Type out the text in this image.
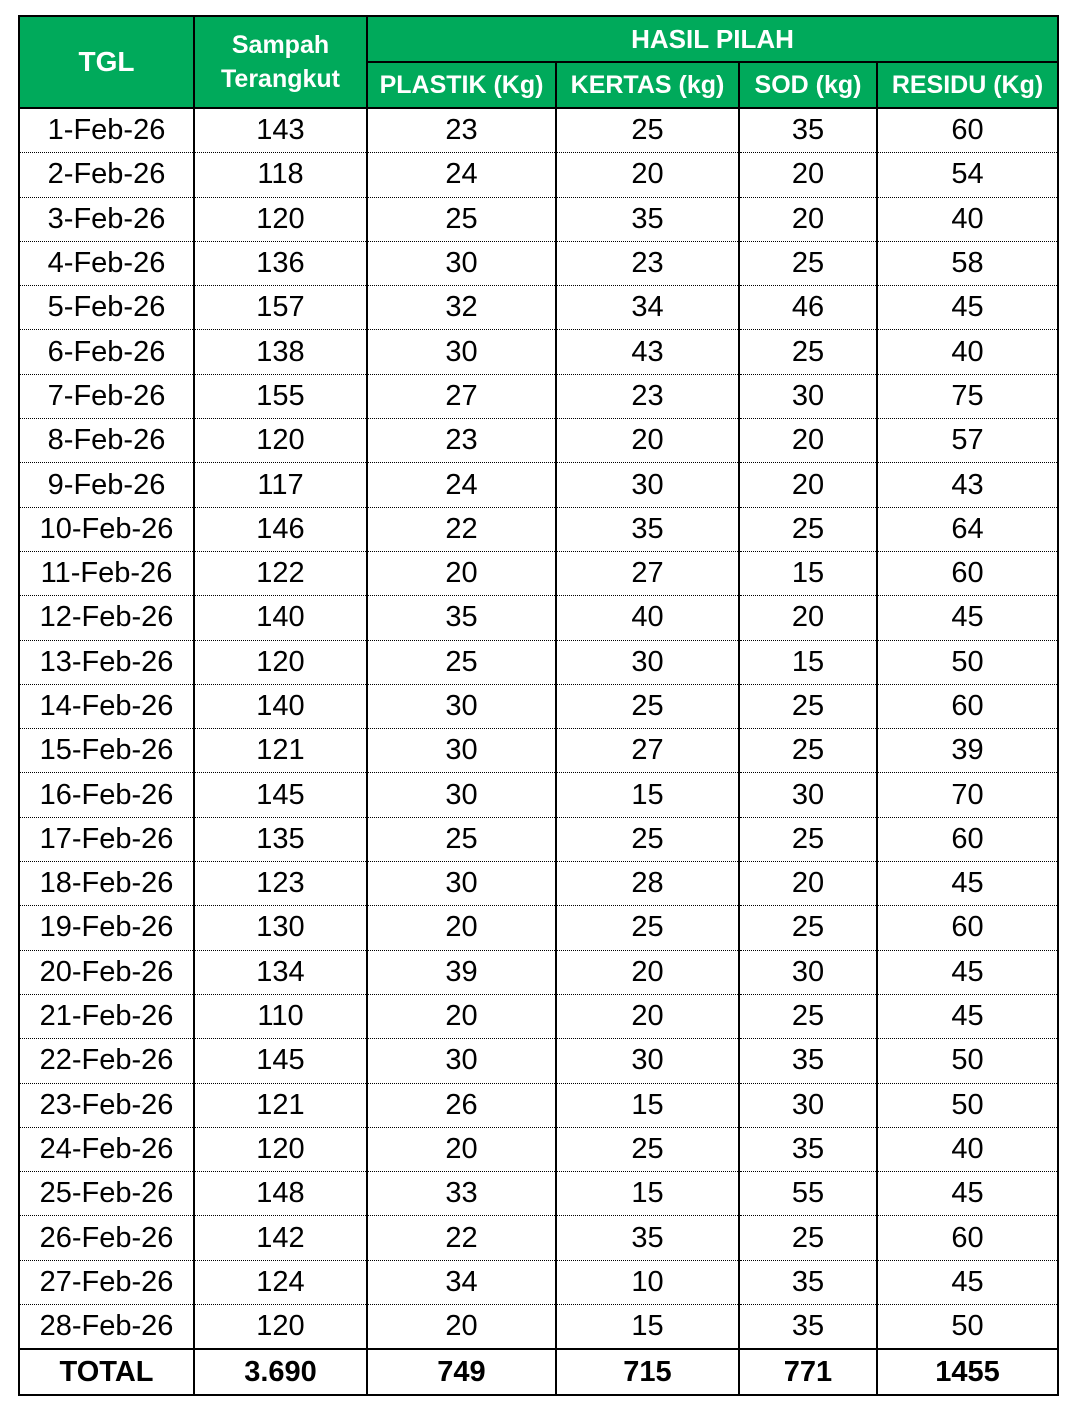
TGL	Sampah Terangkut	HASIL PILAH			
		PLASTIK (Kg)	KERTAS (kg)	SOD (kg)	RESIDU (Kg)
1-Feb-26	143	23	25	35	60
2-Feb-26	118	24	20	20	54
3-Feb-26	120	25	35	20	40
4-Feb-26	136	30	23	25	58
5-Feb-26	157	32	34	46	45
6-Feb-26	138	30	43	25	40
7-Feb-26	155	27	23	30	75
8-Feb-26	120	23	20	20	57
9-Feb-26	117	24	30	20	43
10-Feb-26	146	22	35	25	64
11-Feb-26	122	20	27	15	60
12-Feb-26	140	35	40	20	45
13-Feb-26	120	25	30	15	50
14-Feb-26	140	30	25	25	60
15-Feb-26	121	30	27	25	39
16-Feb-26	145	30	15	30	70
17-Feb-26	135	25	25	25	60
18-Feb-26	123	30	28	20	45
19-Feb-26	130	20	25	25	60
20-Feb-26	134	39	20	30	45
21-Feb-26	110	20	20	25	45
22-Feb-26	145	30	30	35	50
23-Feb-26	121	26	15	30	50
24-Feb-26	120	20	25	35	40
25-Feb-26	148	33	15	55	45
26-Feb-26	142	22	35	25	60
27-Feb-26	124	34	10	35	45
28-Feb-26	120	20	15	35	50
TOTAL	3.690	749	715	771	1455
